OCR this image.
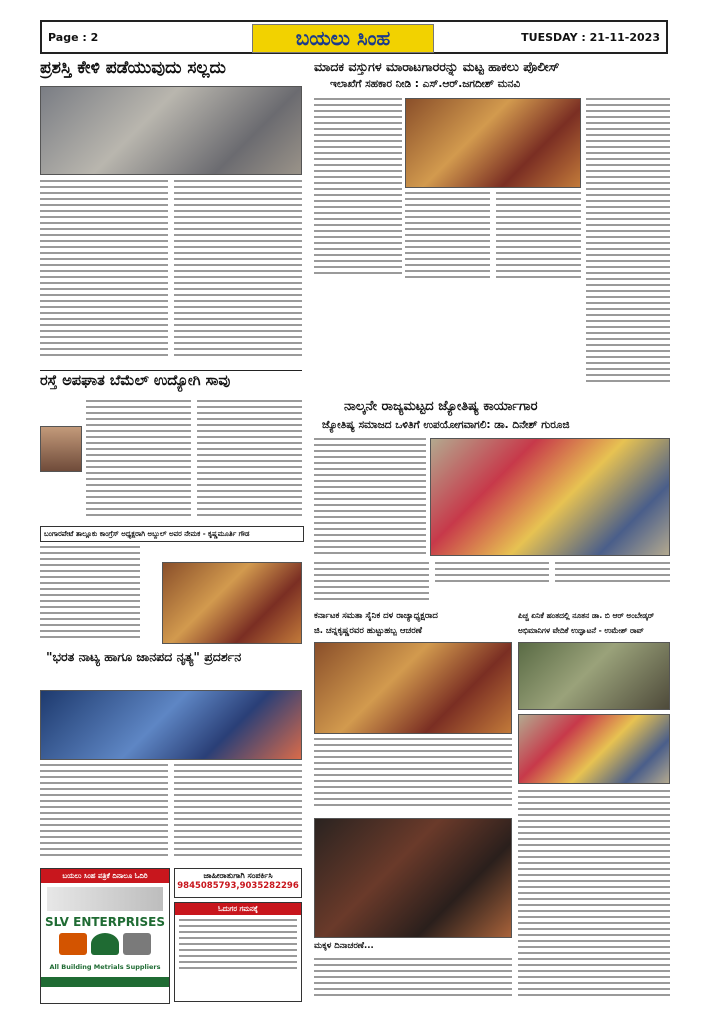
Page : 2	ಬಯಲು ಸಿಂಹ	TUESDAY : 21-11-2023
ಪ್ರಶಸ್ತಿ ಕೇಳಿ ಪಡೆಯುವುದು ಸಲ್ಲದು	ಮಾದಕ ವಸ್ತುಗಳ ಮಾರಾಟಗಾರರನ್ನು ಮಟ್ಟ ಹಾಕಲು ಪೊಲೀಸ್
ಇಲಾಖೆಗೆ ಸಹಕಾರ ನೀಡಿ : ಎಸ್.ಆರ್.ಜಗದೀಶ್ ಮನವಿ
ರಸ್ತೆ ಅಪಘಾತ ಬೆಮೆಲ್ ಉದ್ಯೋಗಿ ಸಾವು
ನಾಲ್ಕನೇ ರಾಜ್ಯಮಟ್ಟದ ಜ್ಯೋತಿಷ್ಯ ಕಾರ್ಯಾಗಾರ
ಜ್ಯೋತಿಷ್ಯ ಸಮಾಜದ ಒಳಿತಿಗೆ ಉಪಯೋಗವಾಗಲಿ: ಡಾ. ದಿನೇಶ್ ಗುರೂಜಿ
ಬಂಗಾರಪೇಟೆ ತಾಲ್ಲೂಕು ಕಾಂಗ್ರೆಸ್ ಅಧ್ಯಕ್ಷರಾಗಿ ಅಬ್ದುಲ್ ಅವರ ನೇಮಕ - ಕೃಷ್ಣಮೂರ್ತಿ ಗೌಡ
"ಭರತ ನಾಟ್ಯ ಹಾಗೂ ಜಾನಪದ ನೃತ್ಯ" ಪ್ರದರ್ಶನ
ಬಯಲು ಸಿಂಹ ಪತ್ರಿಕೆ ದಿನಾಲೂ ಓದಿರಿ
SLV ENTERPRISES
All Building Metrials Suppliers
ಜಾಹೀರಾತುಗಾಗಿ ಸಂಪರ್ಕಿಸಿ
9845085793,9035282296
ಓದುಗರ ಗಮನಕ್ಕೆ
ಕರ್ನಾಟಕ ಸಮತಾ ಸೈನಿಕ ದಳ ರಾಜ್ಯಾಧ್ಯಕ್ಷರಾದ
ಜಿ. ಚನ್ನಕೃಷ್ಣರವರ ಹುಟ್ಟುಹಬ್ಬ ಆಚರಣೆ
ಪಿಚ್ಚ ಏನಿಕೆ ಹಂತದಲ್ಲಿ ನೂತನ ಡಾ. ಬಿ ಆರ್ ಅಂಬೇಡ್ಕರ್
ಅಭಿಮಾನಿಗಳ ವೇದಿಕೆ ಉದ್ಘಾಟನೆ - ಉಮೇಶ್ ರಾವ್
ಮಕ್ಕಳ ದಿನಾಚರಣೆ...
